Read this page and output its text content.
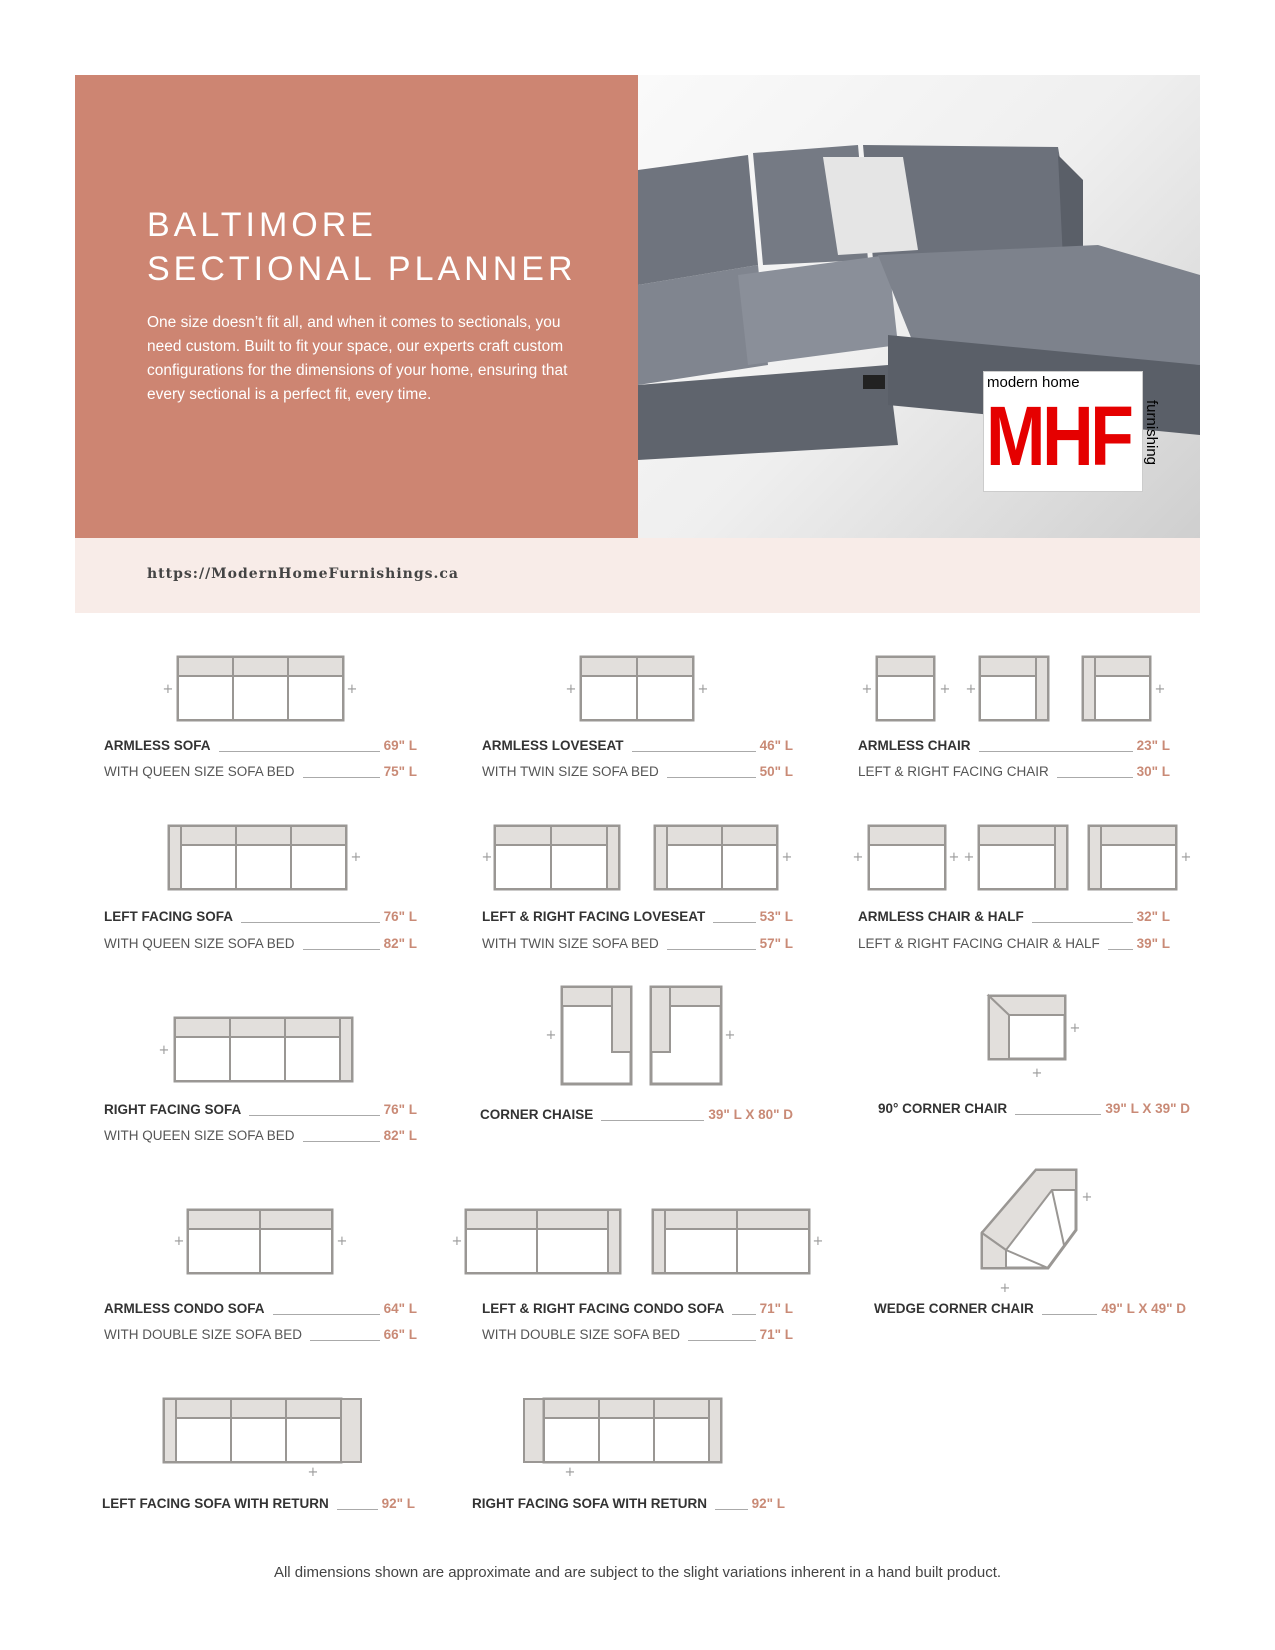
BALTIMORE
SECTIONAL PLANNER
One size doesn’t fit all, and when it comes to sectionals, you need custom. Built to fit your space, our experts craft custom configurations for the dimensions of your home, ensuring that every sectional is a perfect fit, every time.
modern home
MHF furnishing
https://ModernHomeFurnishings.ca
+	+	+	+	+	+ +	+
+	+	+	+	+ +	+
+
+	+	+
+
+	+	+	+
+
+
+	+
ARMLESS SOFA	69" L
WITH QUEEN SIZE SOFA BED	75" L
ARMLESS LOVESEAT	46" L
WITH TWIN SIZE SOFA BED	50" L
ARMLESS CHAIR	23" L
LEFT & RIGHT FACING CHAIR	30" L
LEFT FACING SOFA	76" L
WITH QUEEN SIZE SOFA BED	82" L
LEFT & RIGHT FACING LOVESEAT	53" L
WITH TWIN SIZE SOFA BED	57" L
ARMLESS CHAIR & HALF	32" L
LEFT & RIGHT FACING CHAIR & HALF	39" L
RIGHT FACING SOFA	76" L
WITH QUEEN SIZE SOFA BED	82" L
CORNER CHAISE	39" L X 80" D	90° CORNER CHAIR	39" L X 39" D
ARMLESS CONDO SOFA	64" L
WITH DOUBLE SIZE SOFA BED	66" L
LEFT & RIGHT FACING CONDO SOFA	71" L
WITH DOUBLE SIZE SOFA BED	71" L
WEDGE CORNER CHAIR	49" L X 49" D
LEFT FACING SOFA WITH RETURN	92" L	RIGHT FACING SOFA WITH RETURN	92" L
All dimensions shown are approximate and are subject to the slight variations inherent in a hand built product.
